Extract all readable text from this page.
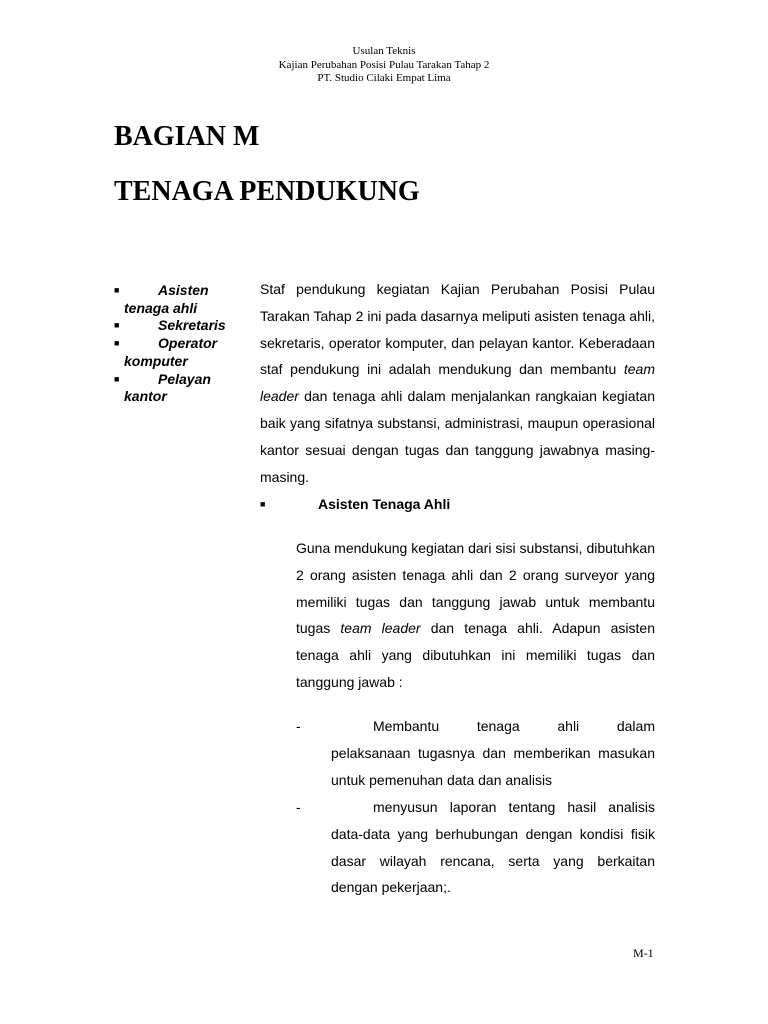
Usulan Teknis
Kajian Perubahan Posisi Pulau Tarakan Tahap 2
PT. Studio Cilaki Empat Lima
BAGIAN M
TENAGA PENDUKUNG
■	Asisten
tenaga ahli
■	Sekretaris
■	Operator
komputer
■	Pelayan
kantor

Staf pendukung kegiatan Kajian Perubahan Posisi Pulau Tarakan Tahap 2 ini pada dasarnya meliputi asisten tenaga ahli, sekretaris, operator komputer, dan pelayan kantor. Keberadaan staf pendukung ini adalah mendukung dan membantu team leader dan tenaga ahli dalam menjalankan rangkaian kegiatan baik yang sifatnya substansi, administrasi, maupun operasional kantor sesuai dengan tugas dan tanggung jawabnya masing-masing.

■	Asisten Tenaga Ahli

Guna mendukung kegiatan dari sisi substansi, dibutuhkan 2 orang asisten tenaga ahli dan 2 orang surveyor yang memiliki tugas dan tanggung jawab untuk membantu tugas team leader dan tenaga ahli. Adapun asisten tenaga ahli yang dibutuhkan ini memiliki tugas dan tanggung jawab :

-	Membantu tenaga ahli dalam
pelaksanaan tugasnya dan memberikan masukan untuk pemenuhan data dan analisis
-	menyusun laporan tentang hasil analisis
data-data yang berhubungan dengan kondisi fisik dasar wilayah rencana, serta yang berkaitan dengan pekerjaan;.
M-1
